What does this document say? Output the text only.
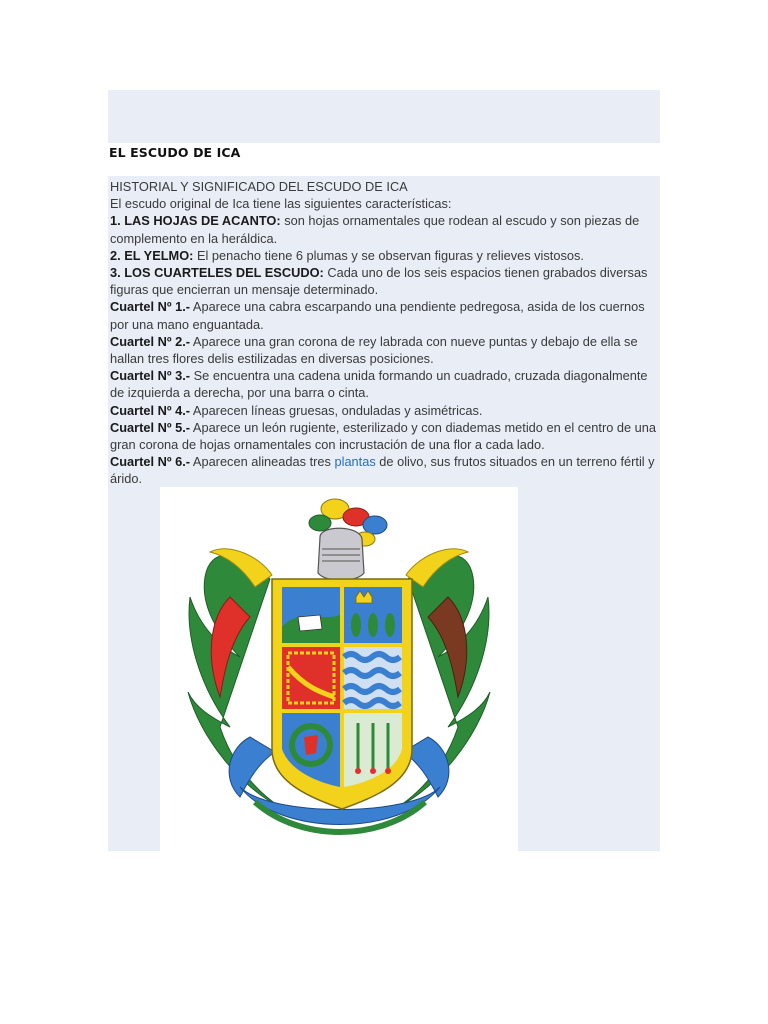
EL ESCUDO DE ICA

HISTORIAL Y SIGNIFICADO DEL ESCUDO DE ICA

El escudo original de Ica tiene las siguientes características:

1. LAS HOJAS DE ACANTO: son hojas ornamentales que rodean al escudo y son piezas de complemento en la heráldica.

2. EL YELMO: El penacho tiene 6 plumas y se observan figuras y relieves vistosos.

3. LOS CUARTELES DEL ESCUDO: Cada uno de los seis espacios tienen grabados diversas figuras que encierran un mensaje determinado.

Cuartel Nº 1.- Aparece una cabra escarpando una pendiente pedregosa, asida de los cuernos por una mano enguantada.

Cuartel Nº 2.- Aparece una gran corona de rey labrada con nueve puntas y debajo de ella se hallan tres flores delis estilizadas en diversas posiciones.

Cuartel Nº 3.- Se encuentra una cadena unida formando un cuadrado, cruzada diagonalmente de izquierda a derecha, por una barra o cinta.

Cuartel Nº 4.- Aparecen líneas gruesas, onduladas y asimétricas.

Cuartel Nº 5.- Aparece un león rugiente, esterilizado y con diademas metido en el centro de una gran corona de hojas ornamentales con incrustación de una flor a cada lado.

Cuartel Nº 6.- Aparecen alineadas tres plantas de olivo, sus frutos situados en un terreno fértil y árido.
